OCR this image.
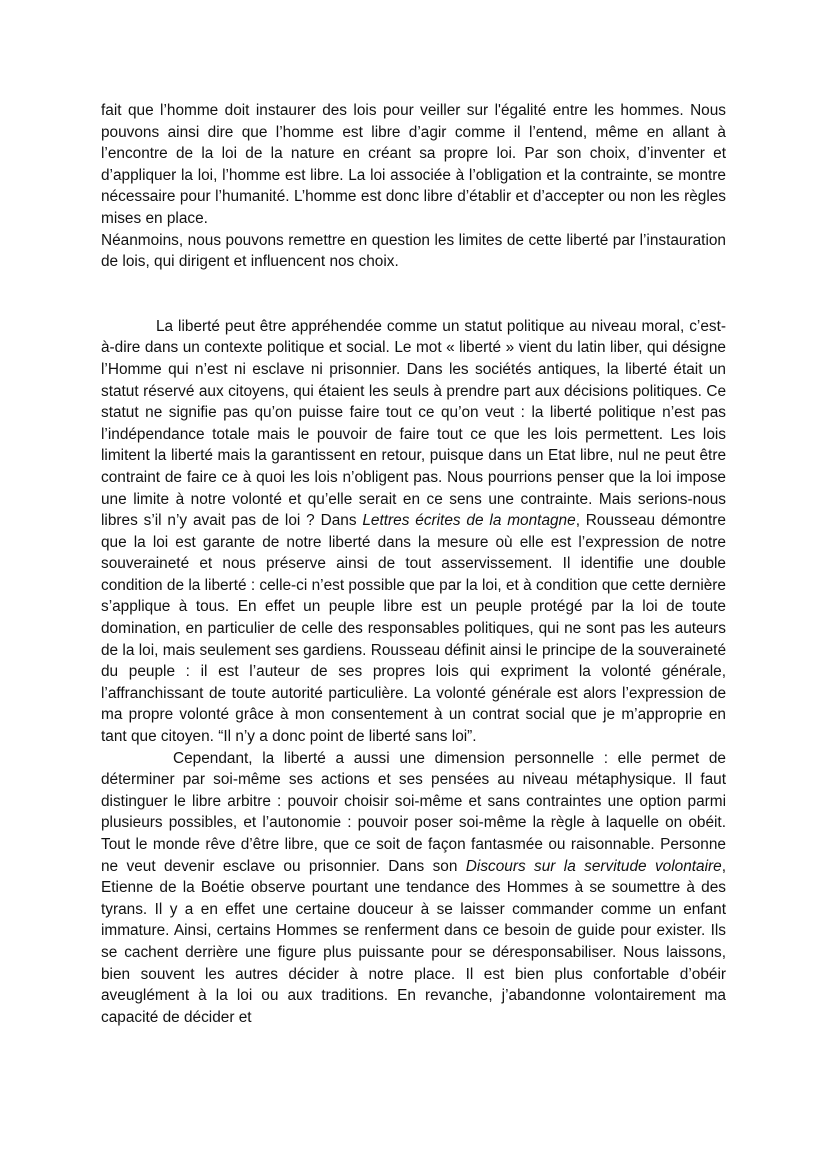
fait que l’homme doit instaurer des lois pour veiller sur l'égalité entre les hommes. Nous pouvons ainsi dire que l’homme est libre d’agir comme il l’entend, même en allant à l’encontre de la loi de la nature en créant sa propre loi. Par son choix, d’inventer et d’appliquer la loi, l’homme est libre. La loi associée à l’obligation et la contrainte, se montre nécessaire pour l’humanité. L’homme est donc libre d’établir et d’accepter ou non les règles mises en place.

Néanmoins, nous pouvons remettre en question les limites de cette liberté par l’instauration de lois, qui dirigent et influencent nos choix.

La liberté peut être appréhendée comme un statut politique au niveau moral, c’est-à-dire dans un contexte politique et social. Le mot « liberté » vient du latin liber, qui désigne l’Homme qui n’est ni esclave ni prisonnier. Dans les sociétés antiques, la liberté était un statut réservé aux citoyens, qui étaient les seuls à prendre part aux décisions politiques. Ce statut ne signifie pas qu’on puisse faire tout ce qu’on veut : la liberté politique n’est pas l’indépendance totale mais le pouvoir de faire tout ce que les lois permettent. Les lois limitent la liberté mais la garantissent en retour, puisque dans un Etat libre, nul ne peut être contraint de faire ce à quoi les lois n’obligent pas. Nous pourrions penser que la loi impose une limite à notre volonté et qu’elle serait en ce sens une contrainte. Mais serions-nous libres s’il n’y avait pas de loi ? Dans Lettres écrites de la montagne, Rousseau démontre que la loi est garante de notre liberté dans la mesure où elle est l’expression de notre souveraineté et nous préserve ainsi de tout asservissement. Il identifie une double condition de la liberté : celle-ci n’est possible que par la loi, et à condition que cette dernière s’applique à tous. En effet un peuple libre est un peuple protégé par la loi de toute domination, en particulier de celle des responsables politiques, qui ne sont pas les auteurs de la loi, mais seulement ses gardiens. Rousseau définit ainsi le principe de la souveraineté du peuple : il est l’auteur de ses propres lois qui expriment la volonté générale, l’affranchissant de toute autorité particulière. La volonté générale est alors l’expression de ma propre volonté grâce à mon consentement à un contrat social que je m’approprie en tant que citoyen. “Il n’y a donc point de liberté sans loi”.

Cependant, la liberté a aussi une dimension personnelle : elle permet de déterminer par soi-même ses actions et ses pensées au niveau métaphysique. Il faut distinguer le libre arbitre : pouvoir choisir soi-même et sans contraintes une option parmi plusieurs possibles, et l’autonomie : pouvoir poser soi-même la règle à laquelle on obéit. Tout le monde rêve d’être libre, que ce soit de façon fantasmée ou raisonnable. Personne ne veut devenir esclave ou prisonnier. Dans son Discours sur la servitude volontaire, Etienne de la Boétie observe pourtant une tendance des Hommes à se soumettre à des tyrans. Il y a en effet une certaine douceur à se laisser commander comme un enfant immature. Ainsi, certains Hommes se renferment dans ce besoin de guide pour exister. Ils se cachent derrière une figure plus puissante pour se déresponsabiliser. Nous laissons, bien souvent les autres décider à notre place. Il est bien plus confortable d’obéir aveuglément à la loi ou aux traditions. En revanche, j’abandonne volontairement ma capacité de décider et
